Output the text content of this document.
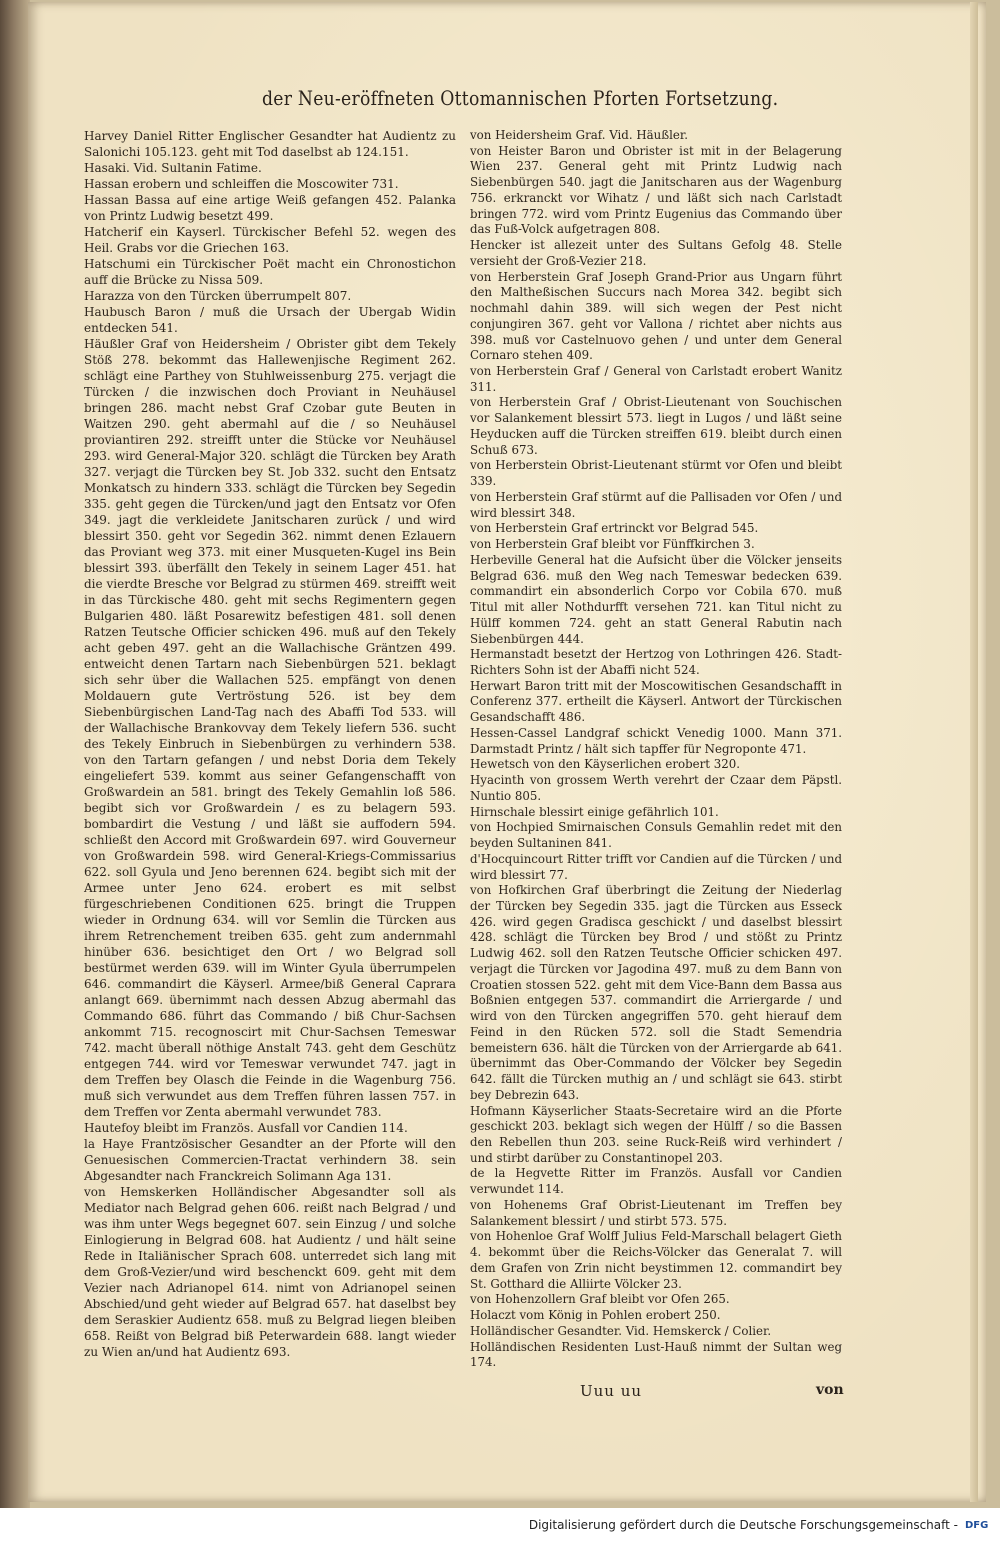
der Neu-eröffneten Ottomannischen Pforten Fortsetzung.
Harvey Daniel Ritter Englischer Gesandter hat Audientz zu Salonichi 105.123. geht mit Tod daselbst ab 124.151.
Hasaki. Vid. Sultanin Fatime.
Hassan erobern und schleiffen die Moscowiter 731.
Hassan Bassa auf eine artige Weiß gefangen 452. Palanka von Printz Ludwig besetzt 499.
Hatcherif ein Kayserl. Türckischer Befehl 52. wegen des Heil. Grabs vor die Griechen 163.
Hatschumi ein Türckischer Poët macht ein Chronostichon auff die Brücke zu Nissa 509.
Harazza von den Türcken überrumpelt 807.
Haubusch Baron / muß die Ursach der Ubergab Widin entdecken 541.
Häußler Graf von Heidersheim / Obrister gibt dem Tekely Stöß 278. bekommt das Hallewenjische Regiment 262. schlägt eine Parthey von Stuhlweissenburg 275. verjagt die Türcken / die inzwischen doch Proviant in Neuhäusel bringen 286. macht nebst Graf Czobar gute Beuten in Waitzen 290. geht abermahl auf die / so Neuhäusel proviantiren 292. streifft unter die Stücke vor Neuhäusel 293. wird General-Major 320. schlägt die Türcken bey Arath 327. verjagt die Türcken bey St. Job 332. sucht den Entsatz Monkatsch zu hindern 333. schlägt die Türcken bey Segedin 335. geht gegen die Türcken/und jagt den Entsatz vor Ofen 349. jagt die verkleidete Janitscharen zurück / und wird blessirt 350. geht vor Segedin 362. nimmt denen Ezlauern das Proviant weg 373. mit einer Musqueten-Kugel ins Bein blessirt 393. überfällt den Tekely in seinem Lager 451. hat die vierdte Bresche vor Belgrad zu stürmen 469. streifft weit in das Türckische 480. geht mit sechs Regimentern gegen Bulgarien 480. läßt Posarewitz befestigen 481. soll denen Ratzen Teutsche Officier schicken 496. muß auf den Tekely acht geben 497. geht an die Wallachische Gräntzen 499. entweicht denen Tartarn nach Siebenbürgen 521. beklagt sich sehr über die Wallachen 525. empfängt von denen Moldauern gute Vertröstung 526. ist bey dem Siebenbürgischen Land-Tag nach des Abaffi Tod 533. will der Wallachische Brankovvay dem Tekely liefern 536. sucht des Tekely Einbruch in Siebenbürgen zu verhindern 538. von den Tartarn gefangen / und nebst Doria dem Tekely eingeliefert 539. kommt aus seiner Gefangenschafft von Großwardein an 581. bringt des Tekely Gemahlin loß 586. begibt sich vor Großwardein / es zu belagern 593. bombardirt die Vestung / und läßt sie auffodern 594. schließt den Accord mit Großwardein 697. wird Gouverneur von Großwardein 598. wird General-Kriegs-Commissarius 622. soll Gyula und Jeno berennen 624. begibt sich mit der Armee unter Jeno 624. erobert es mit selbst fürgeschriebenen Conditionen 625. bringt die Truppen wieder in Ordnung 634. will vor Semlin die Türcken aus ihrem Retrenchement treiben 635. geht zum andernmahl hinüber 636. besichtiget den Ort / wo Belgrad soll bestürmet werden 639. will im Winter Gyula überrumpelen 646. commandirt die Käyserl. Armee/biß General Caprara anlangt 669. übernimmt nach dessen Abzug abermahl das Commando 686. führt das Commando / biß Chur-Sachsen ankommt 715. recognoscirt mit Chur-Sachsen Temeswar 742. macht überall nöthige Anstalt 743. geht dem Geschütz entgegen 744. wird vor Temeswar verwundet 747. jagt in dem Treffen bey Olasch die Feinde in die Wagenburg 756. muß sich verwundet aus dem Treffen führen lassen 757. in dem Treffen vor Zenta abermahl verwundet 783.
Hautefoy bleibt im Französ. Ausfall vor Candien 114.
la Haye Frantzösischer Gesandter an der Pforte will den Genuesischen Commercien-Tractat verhindern 38. sein Abgesandter nach Franckreich Solimann Aga 131.
von Hemskerken Holländischer Abgesandter soll als Mediator nach Belgrad gehen 606. reißt nach Belgrad / und was ihm unter Wegs begegnet 607. sein Einzug / und solche Einlogierung in Belgrad 608. hat Audientz / und hält seine Rede in Italiänischer Sprach 608. unterredet sich lang mit dem Groß-Vezier/und wird beschenckt 609. geht mit dem Vezier nach Adrianopel 614. nimt von Adrianopel seinen Abschied/und geht wieder auf Belgrad 657. hat daselbst bey dem Seraskier Audientz 658. muß zu Belgrad liegen bleiben 658. Reißt von Belgrad biß Peterwardein 688. langt wieder zu Wien an/und hat Audientz 693.
von Heidersheim Graf. Vid. Häußler.
von Heister Baron und Obrister ist mit in der Belagerung Wien 237. General geht mit Printz Ludwig nach Siebenbürgen 540. jagt die Janitscharen aus der Wagenburg 756. erkranckt vor Wihatz / und läßt sich nach Carlstadt bringen 772. wird vom Printz Eugenius das Commando über das Fuß-Volck aufgetragen 808.
Hencker ist allezeit unter des Sultans Gefolg 48. Stelle versieht der Groß-Vezier 218.
von Herberstein Graf Joseph Grand-Prior aus Ungarn führt den Maltheßischen Succurs nach Morea 342. begibt sich nochmahl dahin 389. will sich wegen der Pest nicht conjungiren 367. geht vor Vallona / richtet aber nichts aus 398. muß vor Castelnuovo gehen / und unter dem General Cornaro stehen 409.
von Herberstein Graf / General von Carlstadt erobert Wanitz 311.
von Herberstein Graf / Obrist-Lieutenant von Souchischen vor Salankement blessirt 573. liegt in Lugos / und läßt seine Heyducken auff die Türcken streiffen 619. bleibt durch einen Schuß 673.
von Herberstein Obrist-Lieutenant stürmt vor Ofen und bleibt 339.
von Herberstein Graf stürmt auf die Pallisaden vor Ofen / und wird blessirt 348.
von Herberstein Graf ertrinckt vor Belgrad 545.
von Herberstein Graf bleibt vor Fünffkirchen 3.
Herbeville General hat die Aufsicht über die Völcker jenseits Belgrad 636. muß den Weg nach Temeswar bedecken 639. commandirt ein absonderlich Corpo vor Cobila 670. muß Titul mit aller Nothdurfft versehen 721. kan Titul nicht zu Hülff kommen 724. geht an statt General Rabutin nach Siebenbürgen 444.
Hermanstadt besetzt der Hertzog von Lothringen 426. Stadt-Richters Sohn ist der Abaffi nicht 524.
Herwart Baron tritt mit der Moscowitischen Gesandschafft in Conferenz 377. ertheilt die Käyserl. Antwort der Türckischen Gesandschafft 486.
Hessen-Cassel Landgraf schickt Venedig 1000. Mann 371. Darmstadt Printz / hält sich tapffer für Negroponte 471.
Hewetsch von den Käyserlichen erobert 320.
Hyacinth von grossem Werth verehrt der Czaar dem Päpstl. Nuntio 805.
Hirnschale blessirt einige gefährlich 101.
von Hochpied Smirnaischen Consuls Gemahlin redet mit den beyden Sultaninen 841.
d'Hocquincourt Ritter trifft vor Candien auf die Türcken / und wird blessirt 77.
von Hofkirchen Graf überbringt die Zeitung der Niederlag der Türcken bey Segedin 335. jagt die Türcken aus Esseck 426. wird gegen Gradisca geschickt / und daselbst blessirt 428. schlägt die Türcken bey Brod / und stößt zu Printz Ludwig 462. soll den Ratzen Teutsche Officier schicken 497. verjagt die Türcken vor Jagodina 497. muß zu dem Bann von Croatien stossen 522. geht mit dem Vice-Bann dem Bassa aus Boßnien entgegen 537. commandirt die Arriergarde / und wird von den Türcken angegriffen 570. geht hierauf dem Feind in den Rücken 572. soll die Stadt Semendria bemeistern 636. hält die Türcken von der Arriergarde ab 641. übernimmt das Ober-Commando der Völcker bey Segedin 642. fällt die Türcken muthig an / und schlägt sie 643. stirbt bey Debrezin 643.
Hofmann Käyserlicher Staats-Secretaire wird an die Pforte geschickt 203. beklagt sich wegen der Hülff / so die Bassen den Rebellen thun 203. seine Ruck-Reiß wird verhindert / und stirbt darüber zu Constantinopel 203.
de la Hegvette Ritter im Französ. Ausfall vor Candien verwundet 114.
von Hohenems Graf Obrist-Lieutenant im Treffen bey Salankement blessirt / und stirbt 573. 575.
von Hohenloe Graf Wolff Julius Feld-Marschall belagert Gieth 4. bekommt über die Reichs-Völcker das Generalat 7. will dem Grafen von Zrin nicht beystimmen 12. commandirt bey St. Gotthard die Alliirte Völcker 23.
von Hohenzollern Graf bleibt vor Ofen 265.
Holaczt vom König in Pohlen erobert 250.
Holländischer Gesandter. Vid. Hemskerck / Colier.
Holländischen Residenten Lust-Hauß nimmt der Sultan weg 174.
Uuu uu	von
Digitalisierung gefördert durch die Deutsche Forschungsgemeinschaft - DFG
